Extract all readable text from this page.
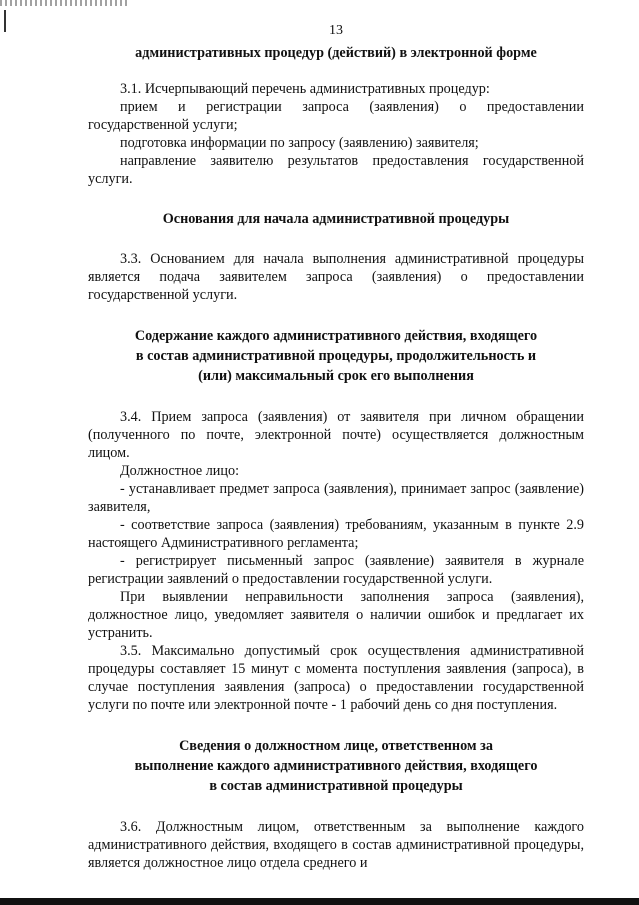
13
административных процедур (действий) в электронной форме

3.1. Исчерпывающий перечень административных процедур:

прием и регистрации запроса (заявления) о предоставлении государственной услуги;

подготовка информации по запросу (заявлению) заявителя;

направление заявителю результатов предоставления государственной услуги.

Основания для начала административной процедуры

3.3. Основанием для начала выполнения административной процедуры является подача заявителем запроса (заявления) о предоставлении государственной услуги.

Содержание каждого административного действия, входящего
в состав административной процедуры, продолжительность и
(или) максимальный срок его выполнения

3.4. Прием запроса (заявления) от заявителя при личном обращении (полученного по почте, электронной почте) осуществляется должностным лицом.

Должностное лицо:

- устанавливает предмет запроса (заявления), принимает запрос (заявление) заявителя,

- соответствие запроса (заявления) требованиям, указанным в пункте 2.9 настоящего Административного регламента;

- регистрирует письменный запрос (заявление) заявителя в журнале регистрации заявлений о предоставлении государственной услуги.

При выявлении неправильности заполнения запроса (заявления), должностное лицо, уведомляет заявителя о наличии ошибок и предлагает их устранить.

3.5. Максимально допустимый срок осуществления административной процедуры составляет 15 минут с момента поступления заявления (запроса), в случае поступления заявления (запроса) о предоставлении государственной услуги по почте или электронной почте - 1 рабочий день со дня поступления.

Сведения о должностном лице, ответственном за
выполнение каждого административного действия, входящего
в состав административной процедуры

3.6. Должностным лицом, ответственным за выполнение каждого административного действия, входящего в состав административной процедуры, является должностное лицо отдела среднего и
